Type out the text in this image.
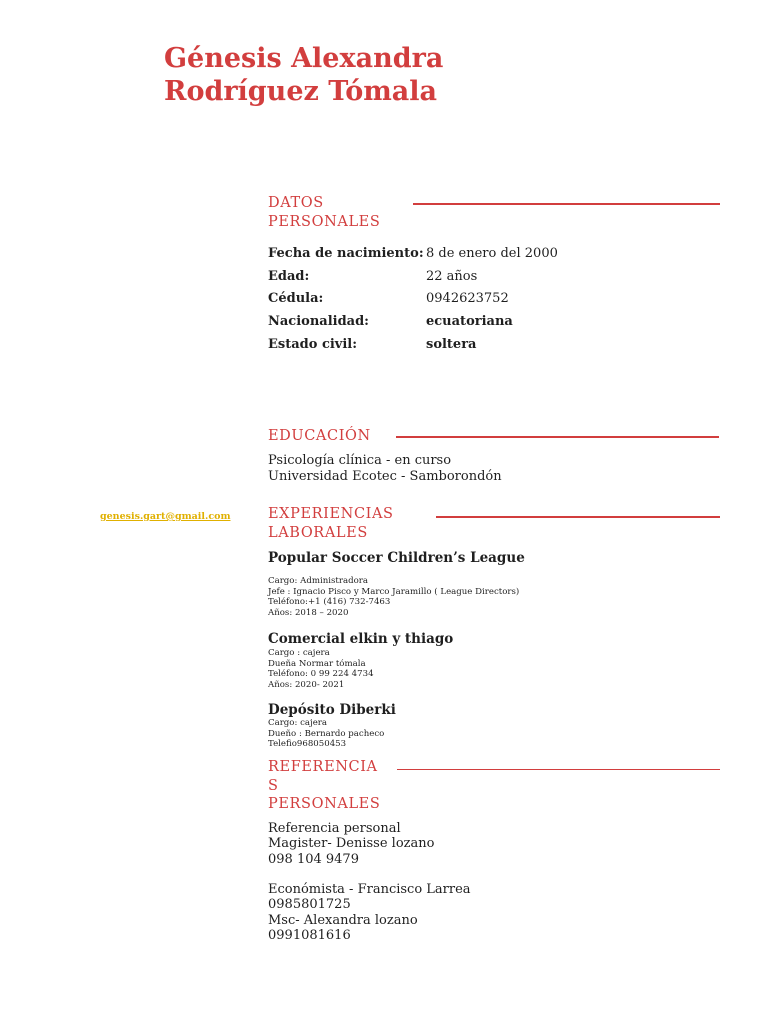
Génesis Alexandra
Rodríguez Tómala
genesis.gart@gmail.com
DATOS
PERSONALES
Fecha de nacimiento: 8 de enero del 2000
Edad:	22 años
Cédula:	0942623752
Nacionalidad:	ecuatoriana
Estado civil:	soltera
EDUCACIÓN
Psicología clínica - en curso
Universidad Ecotec - Samborondón
EXPERIENCIAS
LABORALES
Popular Soccer Children’s League
Cargo: Administradora
Jefe : Ignacio Pisco y Marco Jaramillo ( League Directors)
Teléfono:+1 (416) 732-7463
Años: 2018 – 2020
Comercial elkin y thiago
Cargo : cajera
Dueña Normar tómala
Teléfono: 0 99 224 4734
Años: 2020- 2021
Depósito Diberki
Cargo: cajera
Dueño : Bernardo pacheco
Telefio968050453
REFERENCIA
S
PERSONALES
Referencia personal
Magister- Denisse lozano
098 104 9479
Económista - Francisco Larrea
0985801725
Msc- Alexandra lozano
0991081616
